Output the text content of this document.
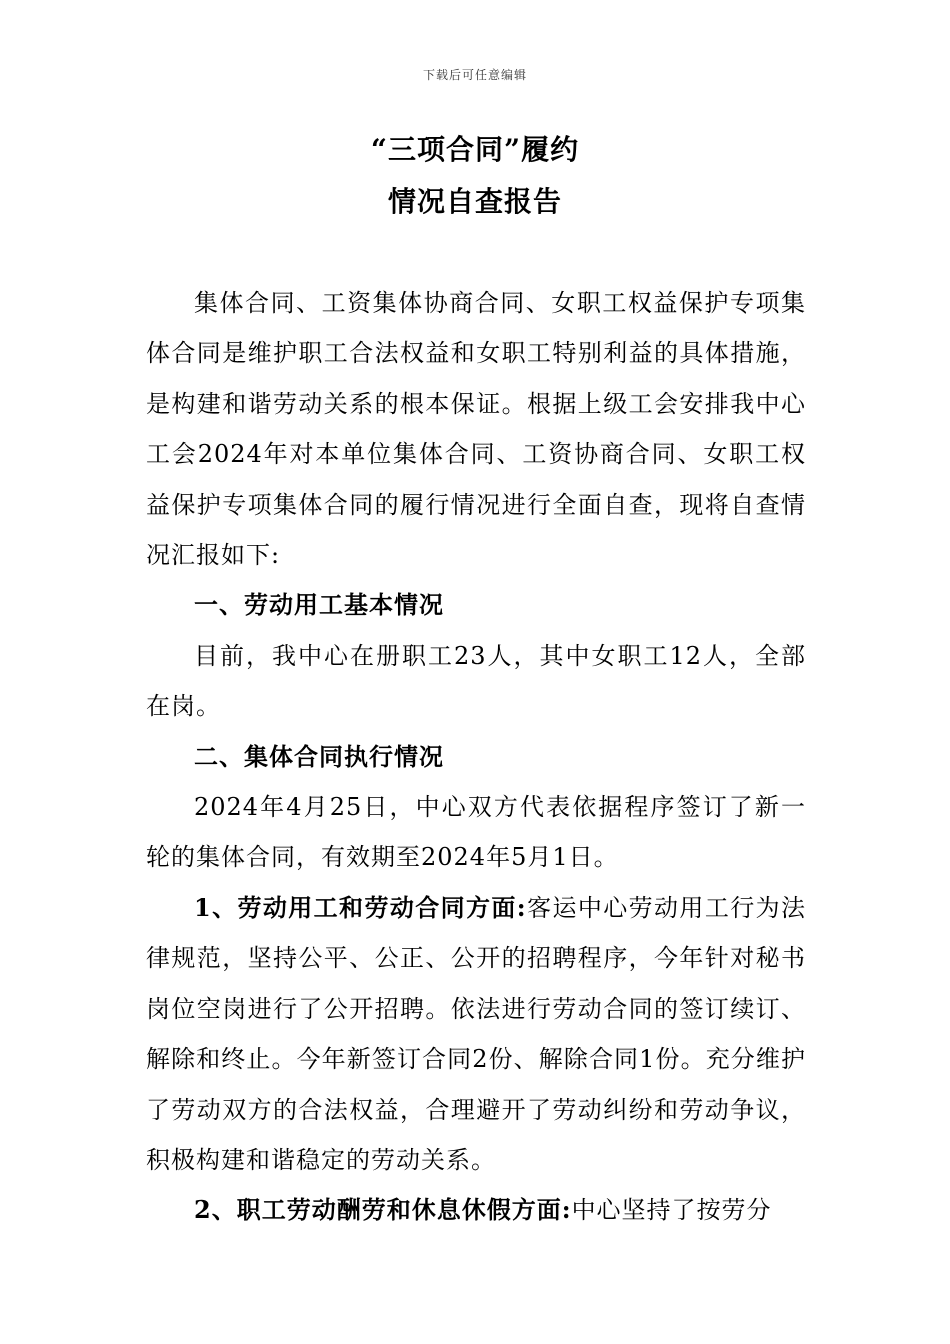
下载后可任意编辑
“三项合同”履约
情况自查报告

集体合同、工资集体协商合同、女职工权益保护专项集体合同是维护职工合法权益和女职工特别利益的具体措施，是构建和谐劳动关系的根本保证。根据上级工会安排我中心工会2024年对本单位集体合同、工资协商合同、女职工权益保护专项集体合同的履行情况进行全面自查，现将自查情况汇报如下:

一、劳动用工基本情况

目前，我中心在册职工23人，其中女职工12人，全部在岗。

二、集体合同执行情况

2024年4月25日，中心双方代表依据程序签订了新一轮的集体合同，有效期至2024年5月1日。

1、劳动用工和劳动合同方面:客运中心劳动用工行为法律规范，坚持公平、公正、公开的招聘程序，今年针对秘书岗位空岗进行了公开招聘。依法进行劳动合同的签订续订、解除和终止。今年新签订合同2份、解除合同1份。充分维护了劳动双方的合法权益，合理避开了劳动纠纷和劳动争议，积极构建和谐稳定的劳动关系。

2、职工劳动酬劳和休息休假方面:中心坚持了按劳分
